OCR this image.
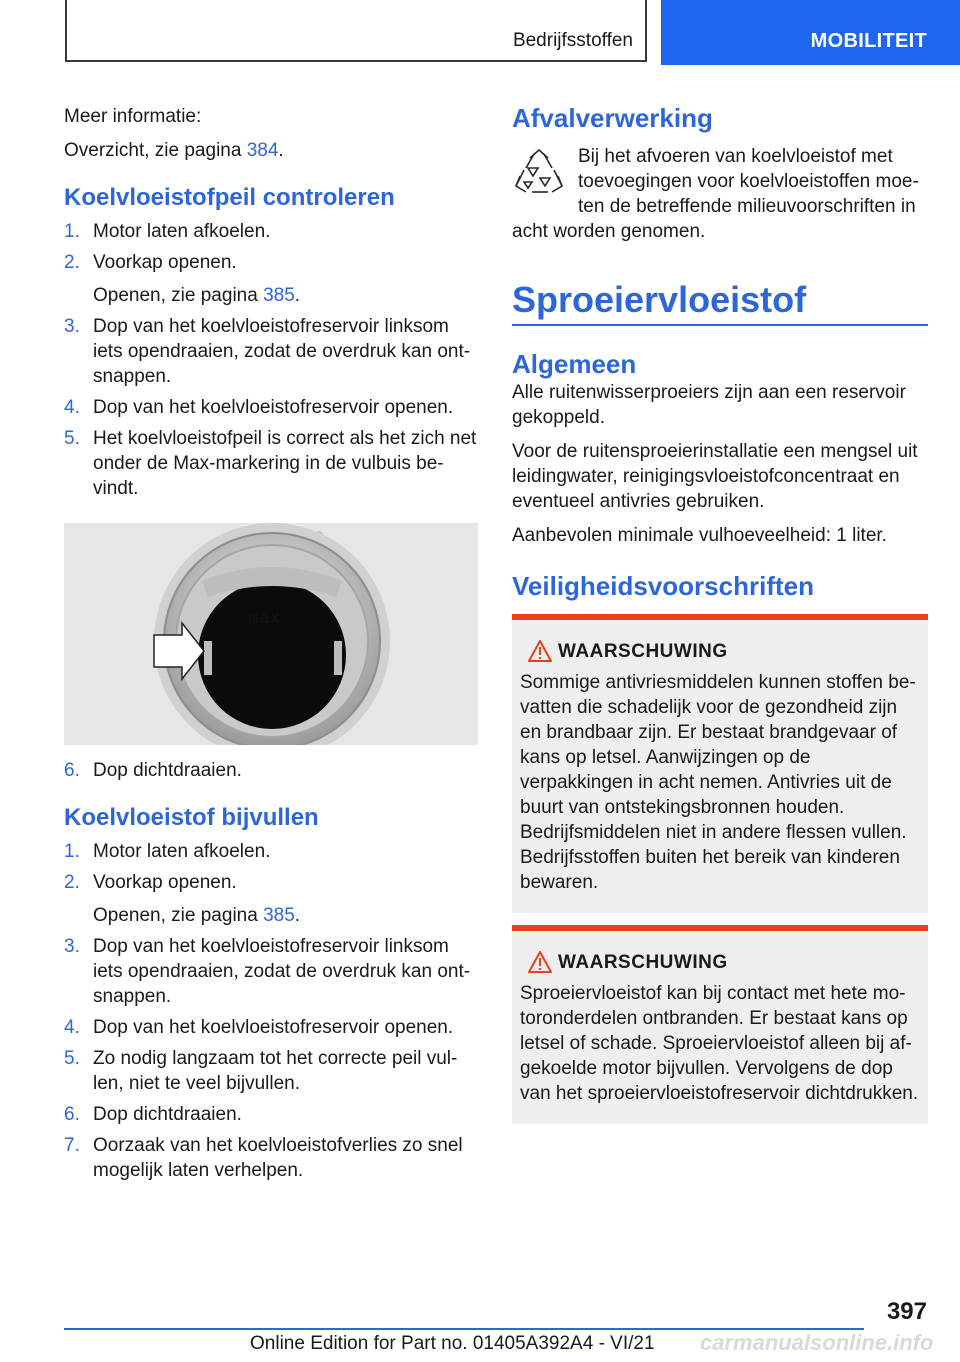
Bedrijfsstoffen	MOBILITEIT

Meer informatie:

Overzicht, zie pagina 384.

Koelvloeistofpeil controleren
1. Motor laten afkoelen.
2. Voorkap openen.
Openen, zie pagina 385.
3. Dop van het koelvloeistofreservoir linksom iets opendraaien, zodat de overdruk kan ontsnappen.
4. Dop van het koelvloeistofreservoir openen.
5. Het koelvloeistofpeil is correct als het zich net onder de Max-markering in de vulbuis bevindt.
max
6. Dop dichtdraaien.
Koelvloeistof bijvullen
1. Motor laten afkoelen.
2. Voorkap openen.
Openen, zie pagina 385.
3. Dop van het koelvloeistofreservoir linksom iets opendraaien, zodat de overdruk kan ontsnappen.
4. Dop van het koelvloeistofreservoir openen.
5. Zo nodig langzaam tot het correcte peil vullen, niet te veel bijvullen.
6. Dop dichtdraaien.
7. Oorzaak van het koelvloeistofverlies zo snel mogelijk laten verhelpen.
Afvalverwerking

Bij het afvoeren van koelvloeistof met toevoegingen voor koelvloeistoffen moeten de betreffende milieuvoorschriften in acht worden genomen.

Sproeiervloeistof
Algemeen

Alle ruitenwisserproeiers zijn aan een reservoir gekoppeld.

Voor de ruitensproeierinstallatie een mengsel uit leidingwater, reinigingsvloeistofconcentraat en eventueel antivries gebruiken.

Aanbevolen minimale vulhoeveelheid: 1 liter.

Veiligheidsvoorschriften
WAARSCHUWING

Sommige antivriesmiddelen kunnen stoffen bevatten die schadelijk voor de gezondheid zijn en brandbaar zijn. Er bestaat brandgevaar of kans op letsel. Aanwijzingen op de verpakkingen in acht nemen. Antivries uit de buurt van ontstekingsbronnen houden. Bedrijfsmiddelen niet in andere flessen vullen. Bedrijfsstoffen buiten het bereik van kinderen bewaren.

WAARSCHUWING

Sproeiervloeistof kan bij contact met hete motoronderdelen ontbranden. Er bestaat kans op letsel of schade. Sproeiervloeistof alleen bij afgekoelde motor bijvullen. Vervolgens de dop van het sproeiervloeistofreservoir dichtdrukken.

397
carmanualsonline.info
Online Edition for Part no. 01405A392A4 - VI/21
